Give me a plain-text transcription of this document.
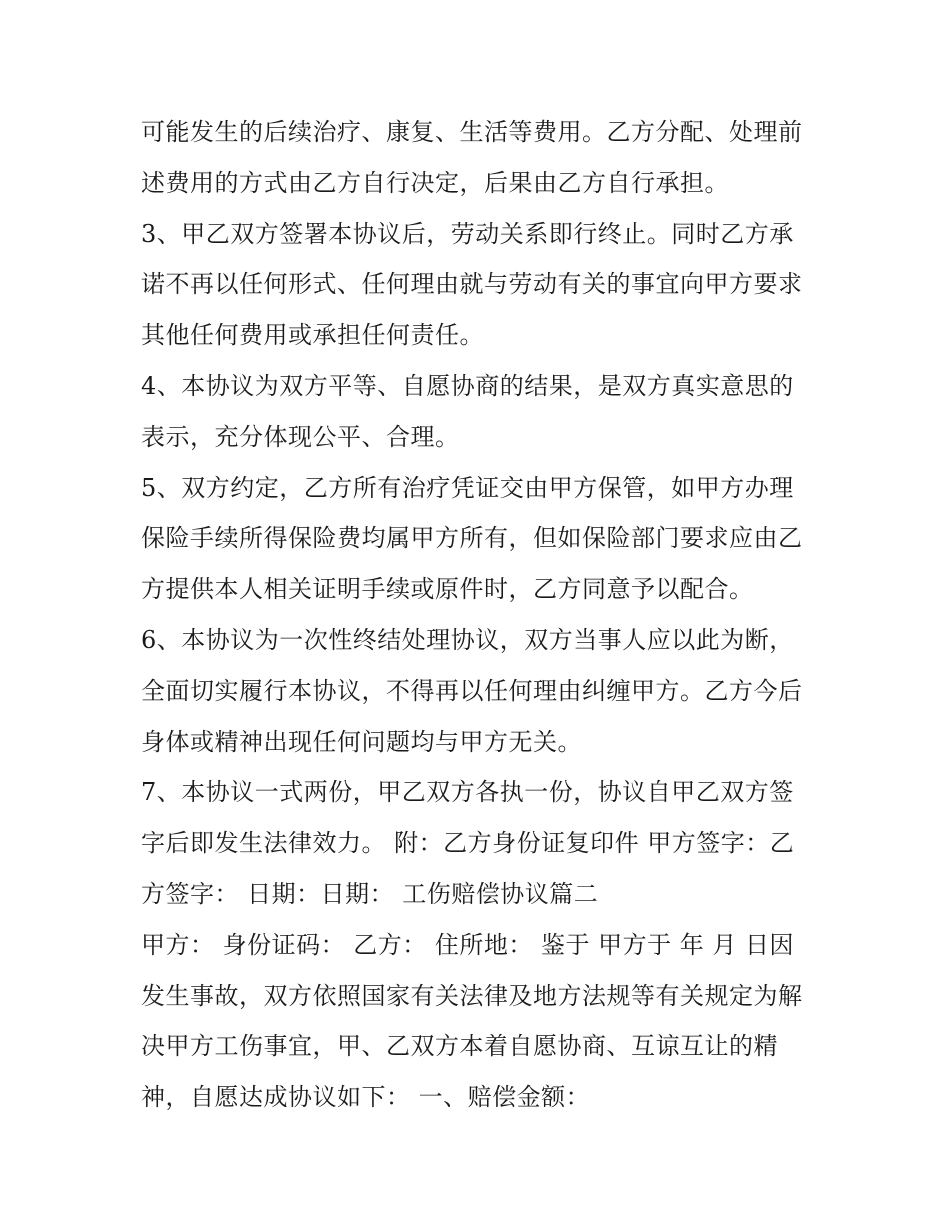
可能发生的后续治疗、康复、生活等费用。乙方分配、处理前
述费用的方式由乙方自行决定，后果由乙方自行承担。
3、甲乙双方签署本协议后，劳动关系即行终止。同时乙方承
诺不再以任何形式、任何理由就与劳动有关的事宜向甲方要求
其他任何费用或承担任何责任。
4、本协议为双方平等、自愿协商的结果，是双方真实意思的
表示，充分体现公平、合理。
5、双方约定，乙方所有治疗凭证交由甲方保管，如甲方办理
保险手续所得保险费均属甲方所有，但如保险部门要求应由乙
方提供本人相关证明手续或原件时，乙方同意予以配合。
6、本协议为一次性终结处理协议，双方当事人应以此为断，
全面切实履行本协议，不得再以任何理由纠缠甲方。乙方今后
身体或精神出现任何问题均与甲方无关。
7、本协议一式两份，甲乙双方各执一份，协议自甲乙双方签
字后即发生法律效力。 附：乙方身份证复印件 甲方签字：乙
方签字： 日期：日期： 工伤赔偿协议篇二
甲方： 身份证码： 乙方： 住所地： 鉴于 甲方于 年 月 日因
发生事故，双方依照国家有关法律及地方法规等有关规定为解
决甲方工伤事宜，甲、乙双方本着自愿协商、互谅互让的精
神，自愿达成协议如下： 一、赔偿金额：
